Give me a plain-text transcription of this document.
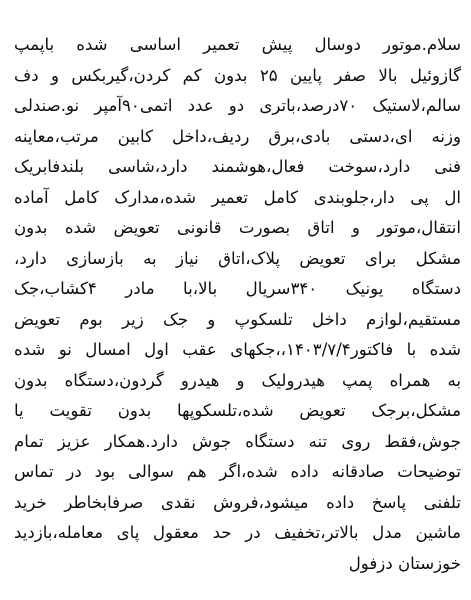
سلام.موتور دوسال پیش تعمیر اساسی شده باپمپ
گازوئیل بالا صفر پایین ۲۵ بدون کم کردن،گیربکس و دف
سالم،لاستیک ۷۰درصد،باتری دو عدد اتمی۹۰آمپر نو.صندلی
وزنه ای،دستی بادی،برق ردیف،داخل کابین مرتب،معاینه
فنی دارد،سوخت فعال،هوشمند دارد،شاسی بلندفابریک
ال پی دار،جلوبندی کامل تعمیر شده،مدارک کامل آماده
انتقال،موتور و اتاق بصورت قانونی تعویض شده بدون
مشکل برای تعویض پلاک،اتاق نیاز به بازسازی دارد،
دستگاه یونیک ۳۴۰سریال بالا،با مادر ۴کشاب،جک
مستقیم،لوازم داخل تلسکوپ و جک زیر بوم تعویض
شده با فاکتور۱۴۰۳/۷/۴،،جکهای عقب اول امسال نو شده
به همراه پمپ هیدرولیک و هیدرو گردون،دستگاه بدون
مشکل،برجک تعویض شده،تلسکوپها بدون تقویت یا
جوش،فقط روی تنه دستگاه جوش دارد.همکار عزیز تمام
توضیحات صادقانه داده شده،اگر هم سوالی بود در تماس
تلفنی پاسخ داده میشود،فروش نقدی صرفابخاطر خرید
ماشین مدل بالاتر،تخفیف در حد معقول پای معامله،بازدید
خوزستان دزفول
